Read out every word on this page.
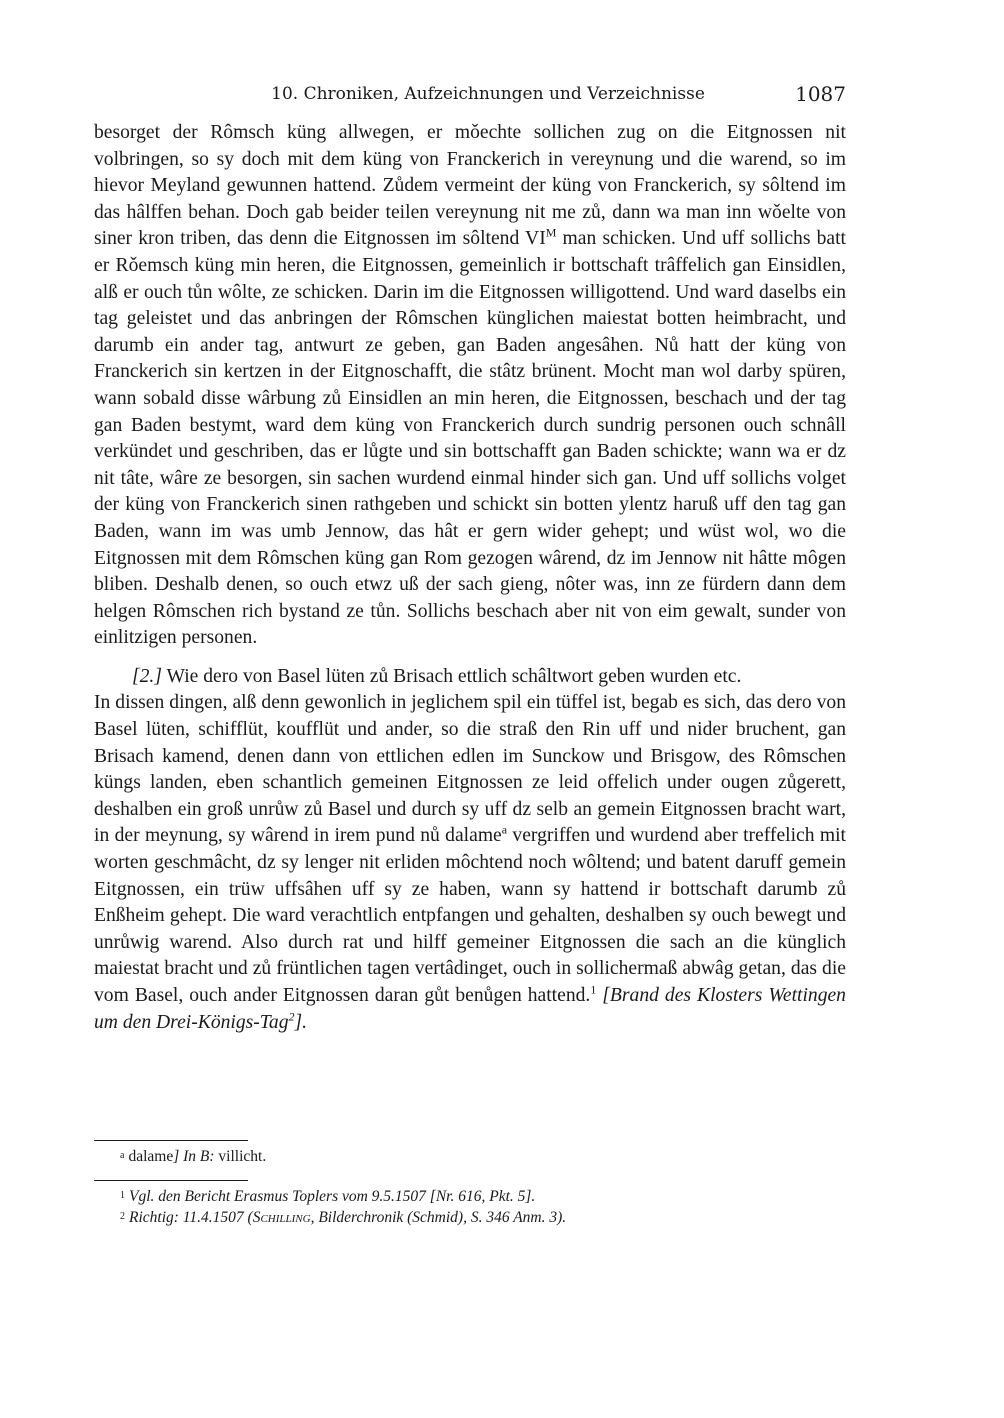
10. Chroniken, Aufzeichnungen und Verzeichnisse	1087

besorget der Rômsch küng allwegen, er mǒechte sollichen zug on die Eitgnossen nit volbringen, so sy doch mit dem küng von Franckerich in vereynung und die warend, so im hievor Meyland gewunnen hattend. Zůdem vermeint der küng von Franckerich, sy sôltend im das hâlffen behan. Doch gab beider teilen vereynung nit me zů, dann wa man inn wǒelte von siner kron triben, das denn die Eitgnossen im sôltend $VI^M$ man schicken. Und uff sollichs batt er Rǒemsch küng min heren, die Eitgnossen, gemeinlich ir bottschaft trâffelich gan Einsidlen, alß er ouch tůn wôlte, ze schicken. Darin im die Eitgnossen willigottend. Und ward daselbs ein tag geleistet und das anbringen der Rômschen künglichen maiestat botten heimbracht, und darumb ein ander tag, antwurt ze geben, gan Baden angesâhen. Nů hatt der küng von Franckerich sin kertzen in der Eitgnoschafft, die stâtz brünent. Mocht man wol darby spüren, wann sobald disse wârbung zů Einsidlen an min heren, die Eitgnossen, beschach und der tag gan Baden bestymt, ward dem küng von Franckerich durch sundrig personen ouch schnâll verkündet und geschriben, das er lůgte und sin bottschafft gan Baden schickte; wann wa er dz nit tâte, wâre ze besorgen, sin sachen wurdend einmal hinder sich gan. Und uff sollichs volget der küng von Franckerich sinen rathgeben und schickt sin botten ylentz haruß uff den tag gan Baden, wann im was umb Jennow, das hât er gern wider gehept; und wüst wol, wo die Eitgnossen mit dem Rômschen küng gan Rom gezogen wârend, dz im Jennow nit hâtte môgen bliben. Deshalb denen, so ouch etwz uß der sach gieng, nôter was, inn ze fürdern dann dem helgen Rômschen rich bystand ze tůn. Sollichs beschach aber nit von eim gewalt, sunder von einlitzigen personen.

[2.] Wie dero von Basel lüten zů Brisach ettlich schâltwort geben wurden etc.

In dissen dingen, alß denn gewonlich in jeglichem spil ein tüffel ist, begab es sich, das dero von Basel lüten, schifflüt, koufflüt und ander, so die straß den Rin uff und nider bruchent, gan Brisach kamend, denen dann von ettlichen edlen im Sunckow und Brisgow, des Rômschen küngs landen, eben schantlich gemeinen Eitgnossen ze leid offelich under ougen zůgerett, deshalben ein groß unrůw zů Basel und durch sy uff dz selb an gemein Eitgnossen bracht wart, in der meynung, sy wârend in irem pund nů dalame$^a$ vergriffen und wurdend aber treffelich mit worten geschmâcht, dz sy lenger nit erliden môchtend noch wôltend; und batent daruff gemein Eitgnossen, ein trüw uffsâhen uff sy ze haben, wann sy hattend ir bottschaft darumb zů Enßheim gehept. Die ward verachtlich entpfangen und gehalten, deshalben sy ouch bewegt und unrůwig warend. Also durch rat und hilff gemeiner Eitgnossen die sach an die künglich maiestat bracht und zů früntlichen tagen vertâdinget, ouch in sollichermaß abwâg getan, das die vom Basel, ouch ander Eitgnossen daran gůt benůgen hattend.$^1$ [Brand des Klosters Wettingen um den Drei-Königs-Tag$^2$].

a dalame] In B: villicht.
1 Vgl. den Bericht Erasmus Toplers vom 9.5.1507 [Nr. 616, Pkt. 5].
2 Richtig: 11.4.1507 (Schilling, Bilderchronik (Schmid), S. 346 Anm. 3).
